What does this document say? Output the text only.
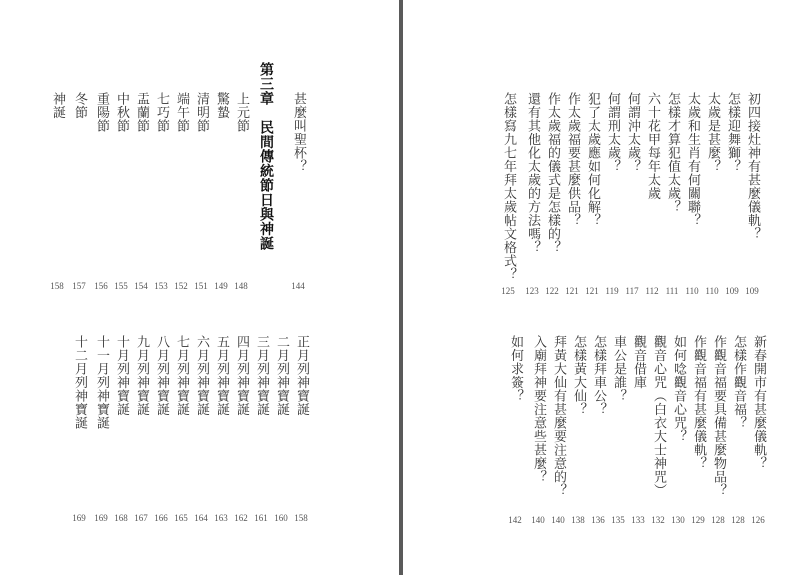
甚麼叫聖杯？
144
第三章　民間傳統節日與神誕
上元節
148
驚蟄
149
清明節
151
端午節
152
七巧節
153
盂蘭節
154
中秋節
155
重陽節
156
冬節
157
神誕
158
正月列神寶誕
158
二月列神寶誕
160
三月列神寶誕
161
四月列神寶誕
162
五月列神寶誕
163
六月列神寶誕
164
七月列神寶誕
165
八月列神寶誕
166
九月列神寶誕
167
十月列神寶誕
168
十一月列神寶誕
169
十二月列神寶誕
169
初四接灶神有甚麼儀軌？
109
怎樣迎舞獅？
109
太歲是甚麼？
110
太歲和生肖有何關聯？
110
怎樣才算犯值太歲？
111
六十花甲每年太歲
112
何謂沖太歲？
117
何謂刑太歲？
119
犯了太歲應如何化解？
121
作太歲福要甚麼供品？
121
作太歲福的儀式是怎樣的？
122
還有其他化太歲的方法嗎？
123
怎樣寫九七年拜太歲帖文格式？
125
新春開市有甚麼儀軌？
126
怎樣作觀音福？
128
作觀音福要具備甚麼物品？
128
作觀音福有甚麼儀軌？
129
如何唸觀音心咒？
130
觀音心咒（白衣大士神咒）
132
觀音借庫
133
車公是誰？
135
怎樣拜車公？
136
怎樣黃大仙？
138
拜黃大仙有甚麼要注意的？
140
入廟拜神要注意些甚麼？
140
如何求簽？
142
